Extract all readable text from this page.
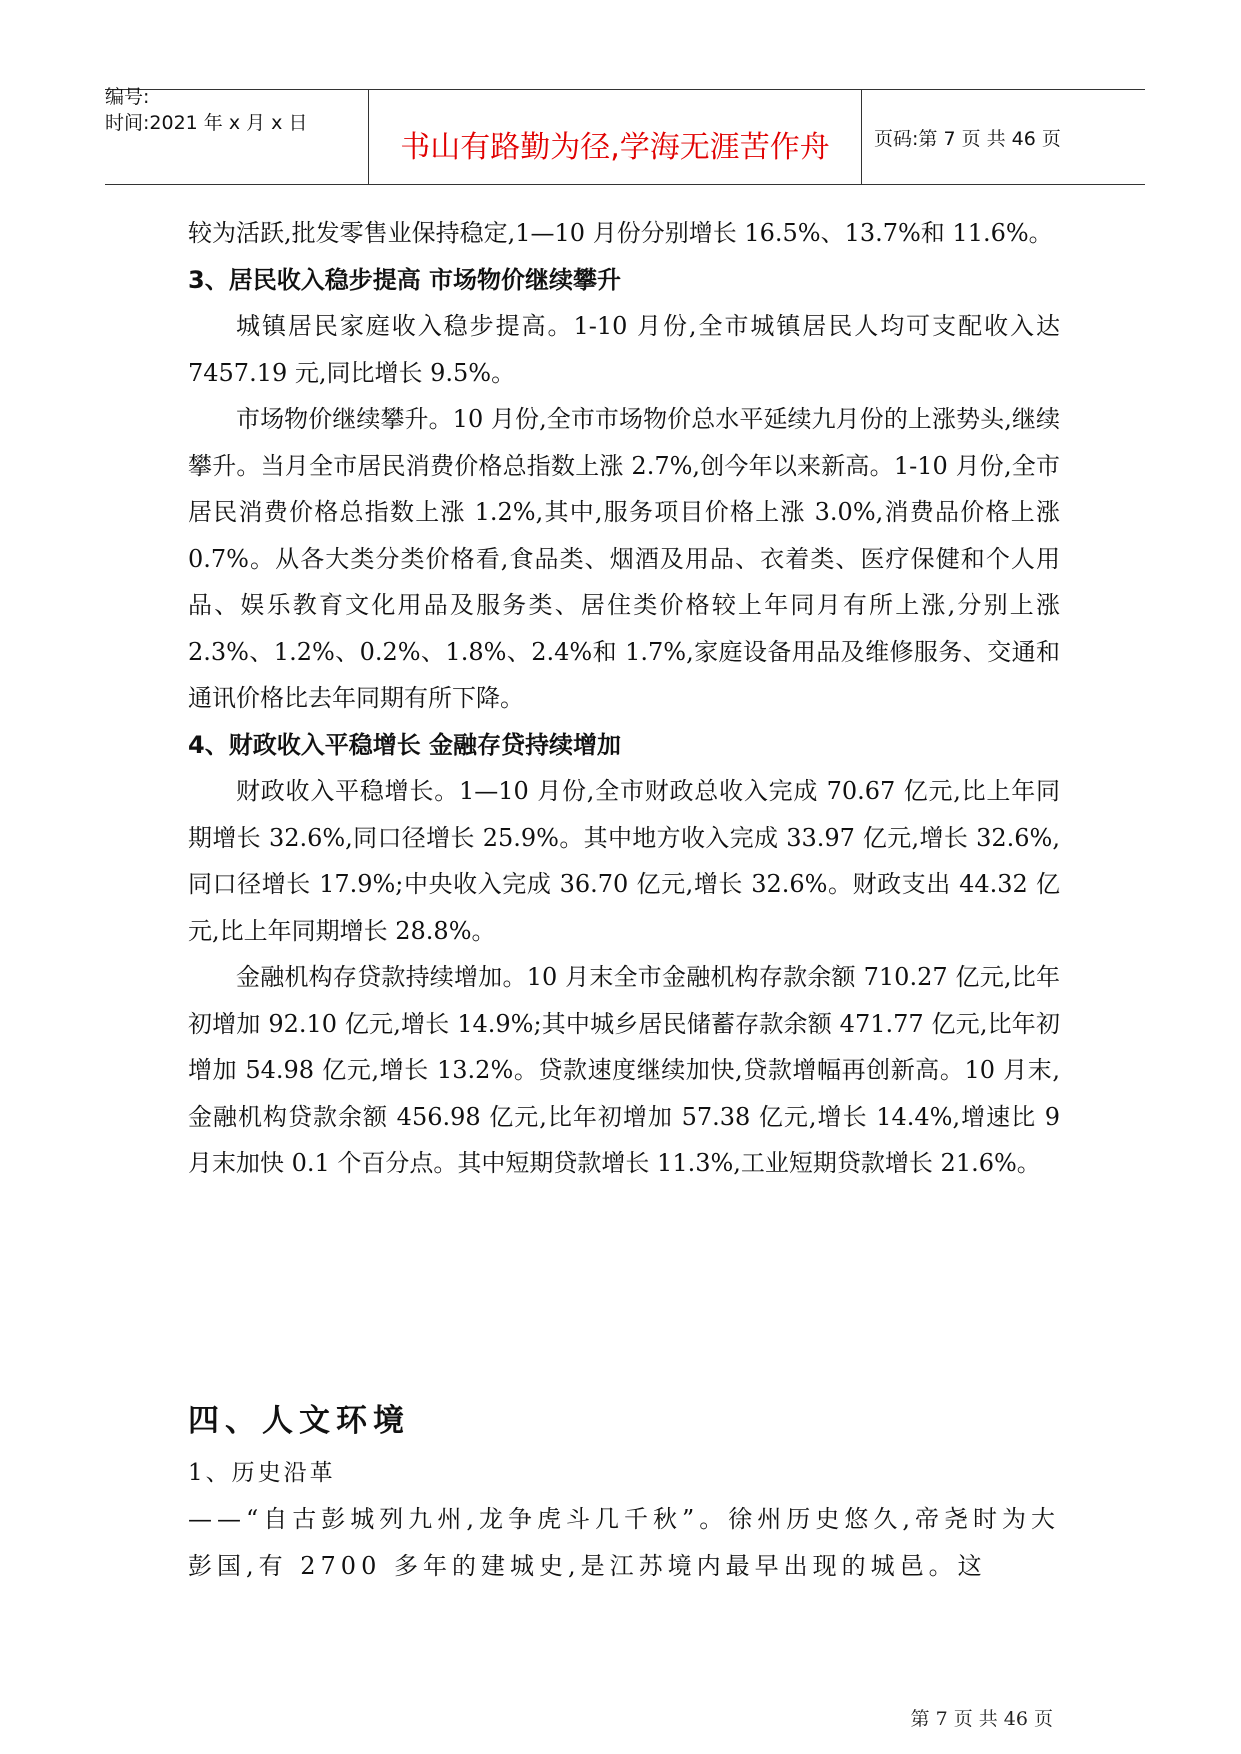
编号:
时间:2021 年 x 月 x 日
书山有路勤为径,学海无涯苦作舟	页码:第 7 页 共 46 页

较为活跃,批发零售业保持稳定,1—10 月份分别增长 16.5%、13.7%和 11.6%。

3、居民收入稳步提高 市场物价继续攀升

城镇居民家庭收入稳步提高。1-10 月份,全市城镇居民人均可支配收入达 7457.19 元,同比增长 9.5%。

市场物价继续攀升。10 月份,全市市场物价总水平延续九月份的上涨势头,继续攀升。当月全市居民消费价格总指数上涨 2.7%,创今年以来新高。1-10 月份,全市居民消费价格总指数上涨 1.2%,其中,服务项目价格上涨 3.0%,消费品价格上涨 0.7%。从各大类分类价格看,食品类、烟酒及用品、衣着类、医疗保健和个人用品、娱乐教育文化用品及服务类、居住类价格较上年同月有所上涨,分别上涨 2.3%、1.2%、0.2%、1.8%、2.4%和 1.7%,家庭设备用品及维修服务、交通和通讯价格比去年同期有所下降。

4、财政收入平稳增长 金融存贷持续增加

财政收入平稳增长。1—10 月份,全市财政总收入完成 70.67 亿元,比上年同期增长 32.6%,同口径增长 25.9%。其中地方收入完成 33.97 亿元,增长 32.6%,同口径增长 17.9%;中央收入完成 36.70 亿元,增长 32.6%。财政支出 44.32 亿元,比上年同期增长 28.8%。

金融机构存贷款持续增加。10 月末全市金融机构存款余额 710.27 亿元,比年初增加 92.10 亿元,增长 14.9%;其中城乡居民储蓄存款余额 471.77 亿元,比年初增加 54.98 亿元,增长 13.2%。贷款速度继续加快,贷款增幅再创新高。10 月末,金融机构贷款余额 456.98 亿元,比年初增加 57.38 亿元,增长 14.4%,增速比 9 月末加快 0.1 个百分点。其中短期贷款增长 11.3%,工业短期贷款增长 21.6%。

四、人文环境

1、历史沿革

——“自古彭城列九州,龙争虎斗几千秋”。徐州历史悠久,帝尧时为大彭国,有 2700 多年的建城史,是江苏境内最早出现的城邑。这

第 7 页 共 46 页
